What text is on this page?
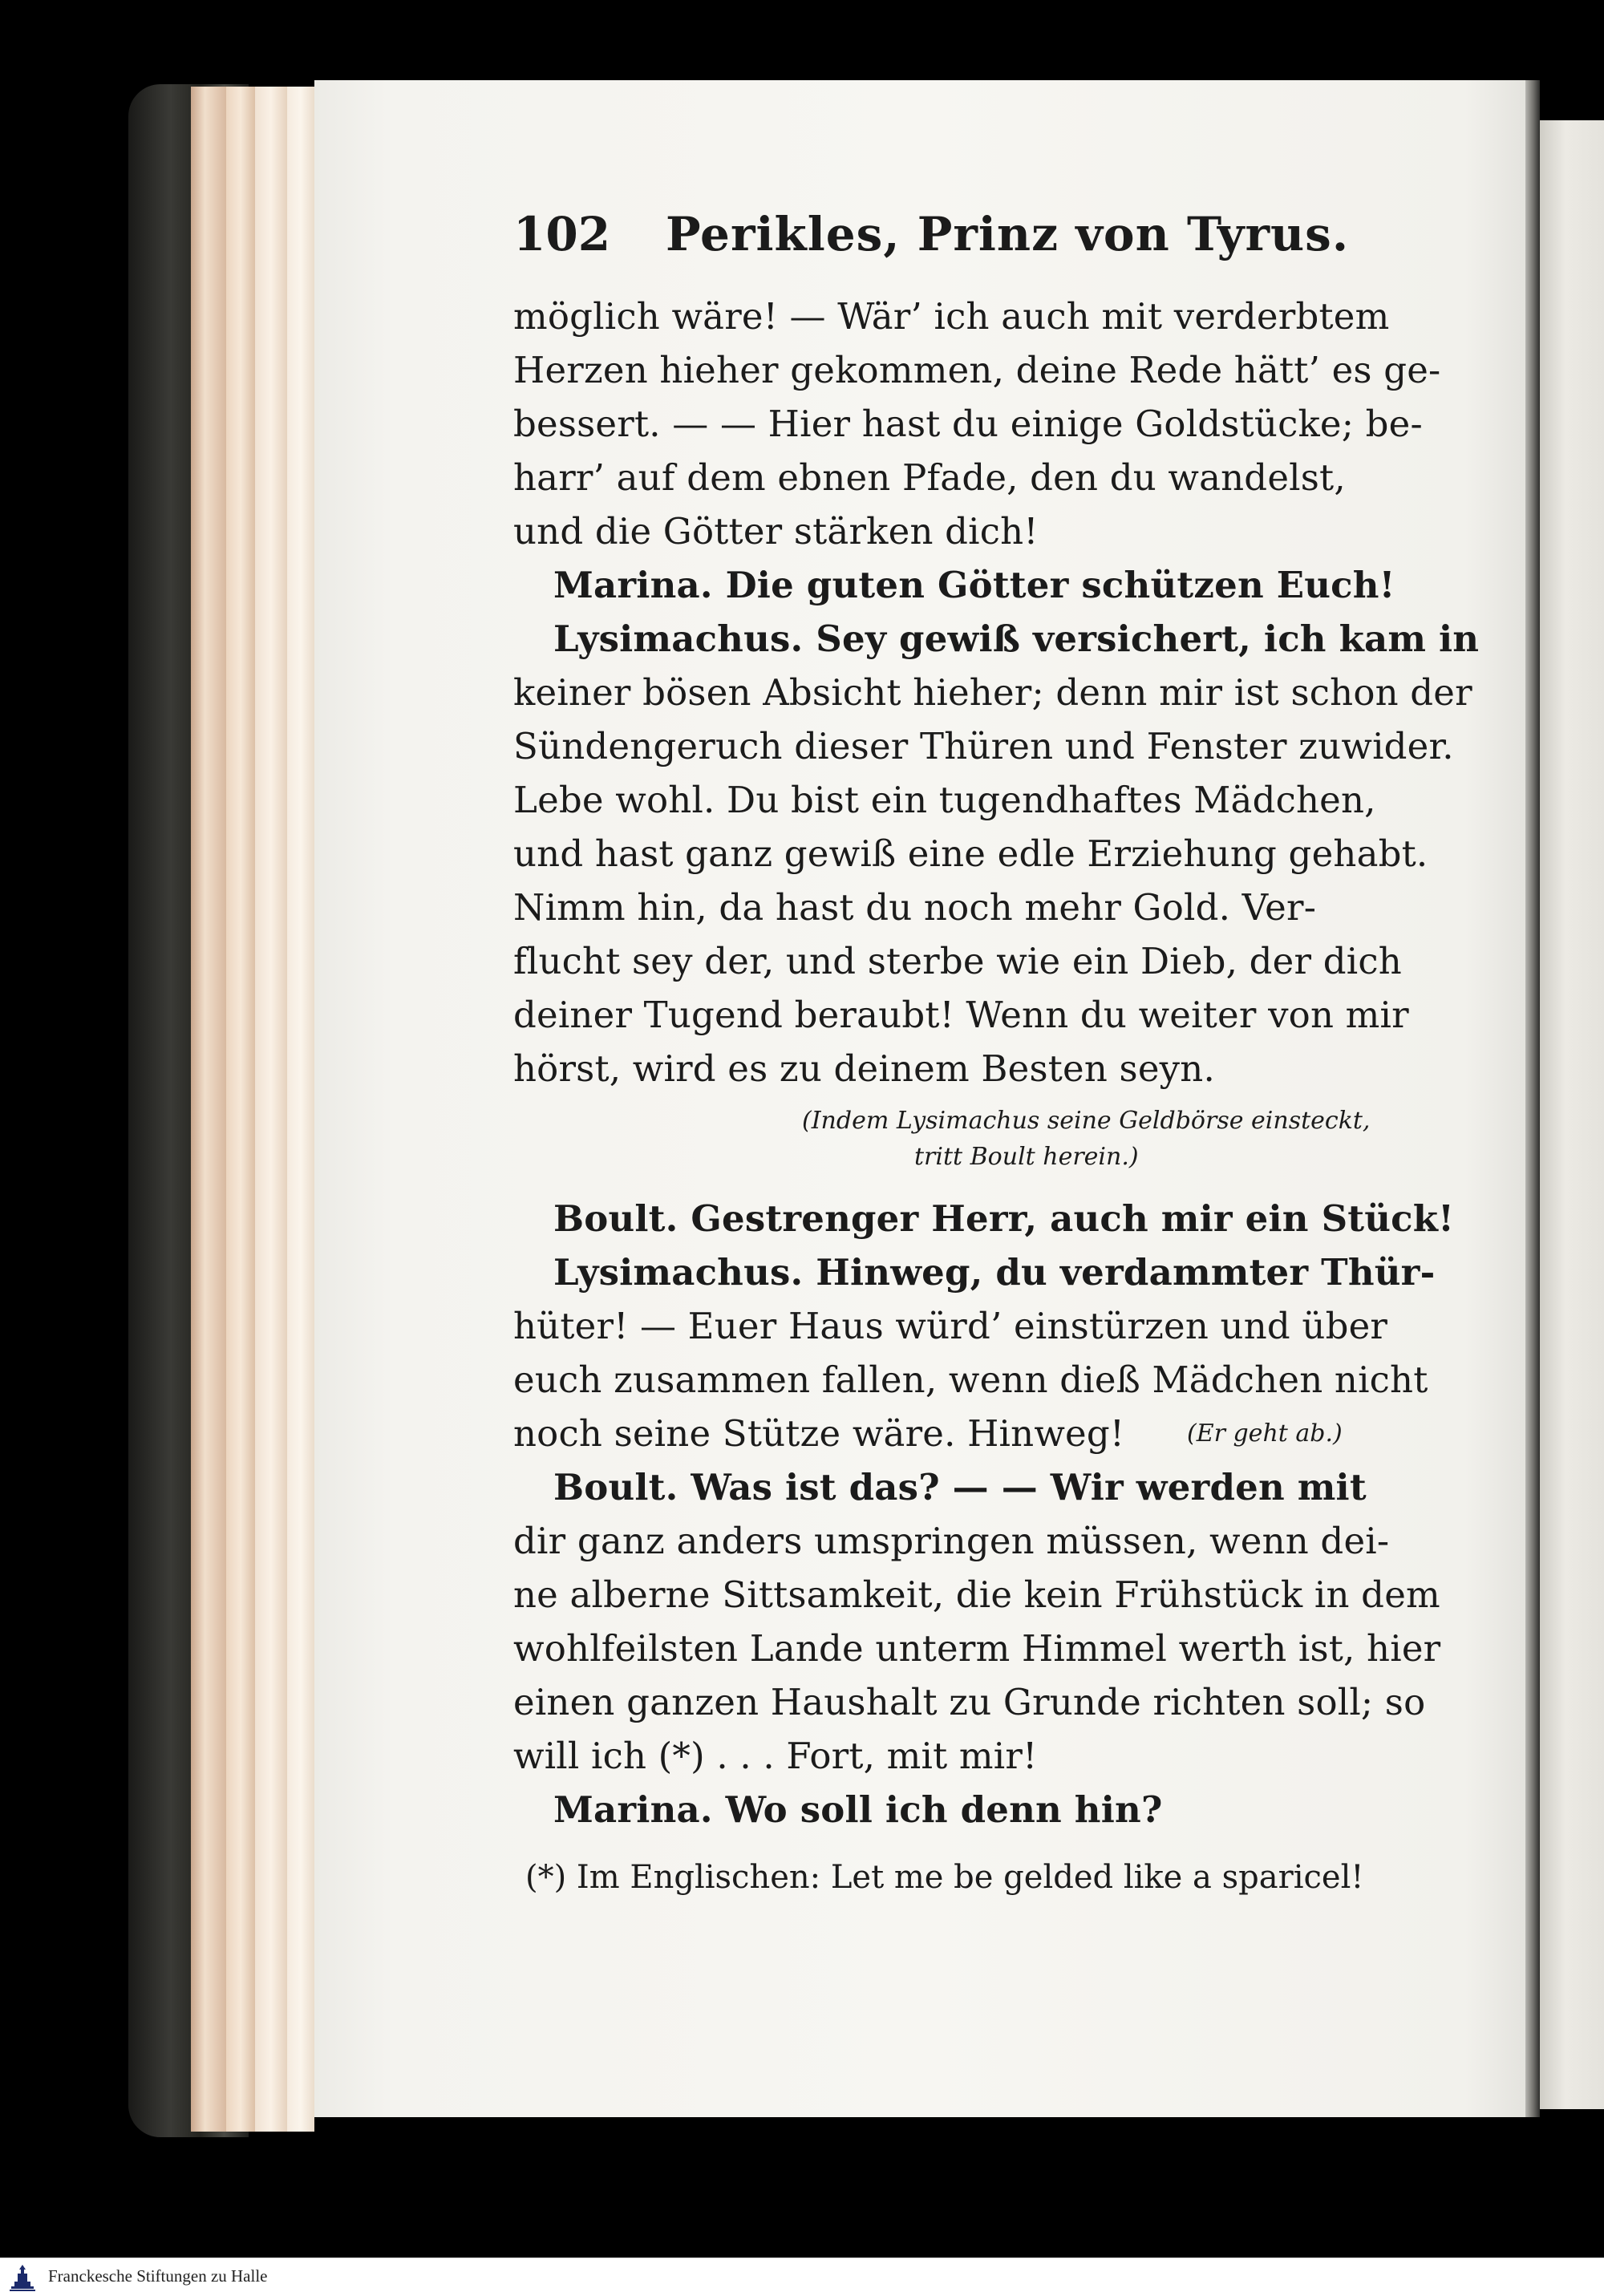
102 Perikles, Prinz von Tyrus.
möglich wäre! — Wär’ ich auch mit verderbtem
Herzen hieher gekommen, deine Rede hätt’ es ge-
bessert. — — Hier hast du einige Goldstücke; be-
harr’ auf dem ebnen Pfade, den du wandelst,
und die Götter stärken dich!
Marina. Die guten Götter schützen Euch!
Lysimachus. Sey gewiß versichert, ich kam in
keiner bösen Absicht hieher; denn mir ist schon der
Sündengeruch dieser Thüren und Fenster zuwider.
Lebe wohl. Du bist ein tugendhaftes Mädchen,
und hast ganz gewiß eine edle Erziehung gehabt.
Nimm hin, da hast du noch mehr Gold. Ver-
flucht sey der, und sterbe wie ein Dieb, der dich
deiner Tugend beraubt! Wenn du weiter von mir
hörst, wird es zu deinem Besten seyn.
(Indem Lysimachus seine Geldbörse einsteckt,
tritt Boult herein.)
Boult. Gestrenger Herr, auch mir ein Stück!
Lysimachus. Hinweg, du verdammter Thür-
hüter! — Euer Haus würd’ einstürzen und über
euch zusammen fallen, wenn dieß Mädchen nicht
noch seine Stütze wäre. Hinweg!	(Er geht ab.)
Boult. Was ist das? — — Wir werden mit
dir ganz anders umspringen müssen, wenn dei-
ne alberne Sittsamkeit, die kein Frühstück in dem
wohlfeilsten Lande unterm Himmel werth ist, hier
einen ganzen Haushalt zu Grunde richten soll; so
will ich (*) . . . Fort, mit mir!
Marina. Wo soll ich denn hin?
(*) Im Englischen: Let me be gelded like a sparicel!
Franckesche Stiftungen zu Halle
